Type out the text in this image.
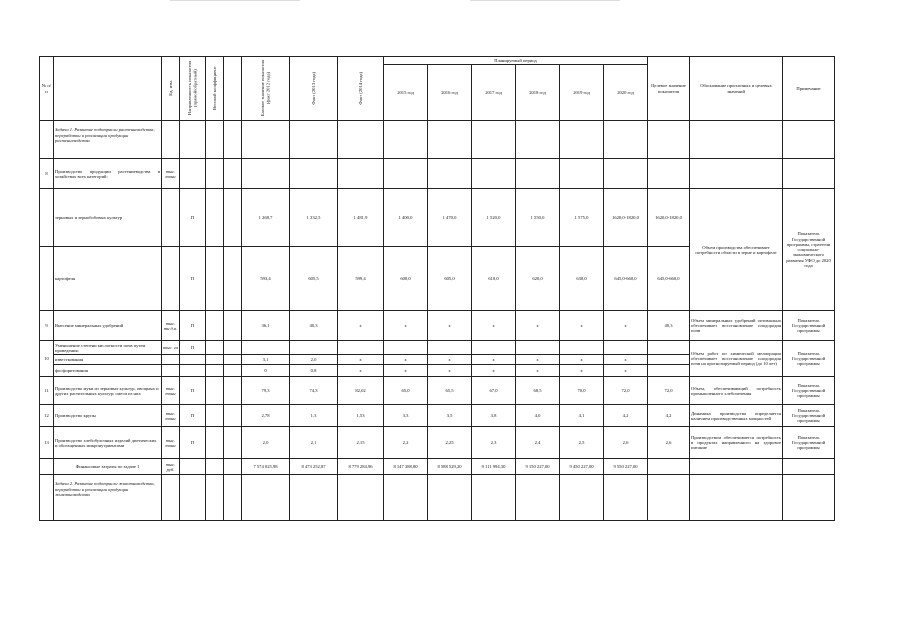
№ п/п		Ед. изм.	Направленность показателя (прямой/обратный)	Весовой коэффициент		Базовое значение показателя (факт 2012 года)	Факт (2013 года)	Факт (2014 года)	Планируемый период						Целевое значение показателя	Обоснование прогнозных и целевых значений	Примечание
									2015 год	2016 год	2017 год	2018 год	2019 год	2020 год			
	Задача 1. Развитие подотрасли растениеводства, переработки и реализации продукции растениеводства																
8	Производство продукции растениеводства в хозяйствах всех категорий:	тыс. тонн															
	зерновых и зернобобовых культур		П			1 268,7	1 332,5	1 481,9	1 400,0	1 470,0	1 520,0	1 550,0	1 575,0	1620,0-1820,0	1620,0-1820,0	Объем производства обеспечивает потребности области в зерне и картофеле	Показатель Государственной программы, стратегии социально-экономического развития УФО до 2020 года
	картофеля		П			593,4	605,5	599,4	600,0	605,0	610,0	620,0	630,0	645,0-660,0	645,0-660,0		
9	Внесение минеральных удобрений	тыс. тн д.в.	П			36,1	40,3	х	х	х	х	х	х	х	40,3	Объем минеральных удобрений оптимально обеспечивает восстановление плодородия почв	Показатель Государственной программы
10	Уменьшение степени кислотности почв путем проведения:	тыс. га	П													Объем работ по химической мелиорации обеспечивает восстановление плодородия почв на прогнозируемый период (до 10 лет)	Показатель Государственной программы
	известкования					3,1	2,0	х	х	х	х	х	х	х			
	фосфоритования					0	0,8	х	х	х	х	х	х	х			
11	Производство муки из зерновых культур, овощных и других растительных культур; смеси из них	тыс. тонн	П			79,3	74,3	82,02	65,0	65,5	67,0	68,5	70,0	72,0	72,0	Объем, обеспечивающий потребность промышленного хлебопечения	Показатель Государственной программы
12	Производство крупы	тыс. тонн	П			2,78	1,3	1,53	3,3	3,5	3,8	4,0	4,1	4,2	4,2	Динамика производства определяется наличием производственных мощностей	Показатель Государственной программы
13	Производство хлебобулочных изделий диетических и обогащенных микронутриентами	тыс. тонн	П			2,0	2,1	2,15	2,2	2,25	2,3	2,4	2,5	2,6	2,6	Производством обеспечивается потребность в продуктах направленного на здоровое питание	Показатель Государственной программы
	Финансовые затраты по задаче 1	тыс. руб.				7 574 025,98	8 473 252,87	8 779 284,96	8 147 388,80	8 588 529,20	9 111 994,30	9 150 227,00	9 450 227,00	9 550 227,00			
	Задача 2. Развитие подотрасли животноводства, переработки и реализации продукции животноводства																
